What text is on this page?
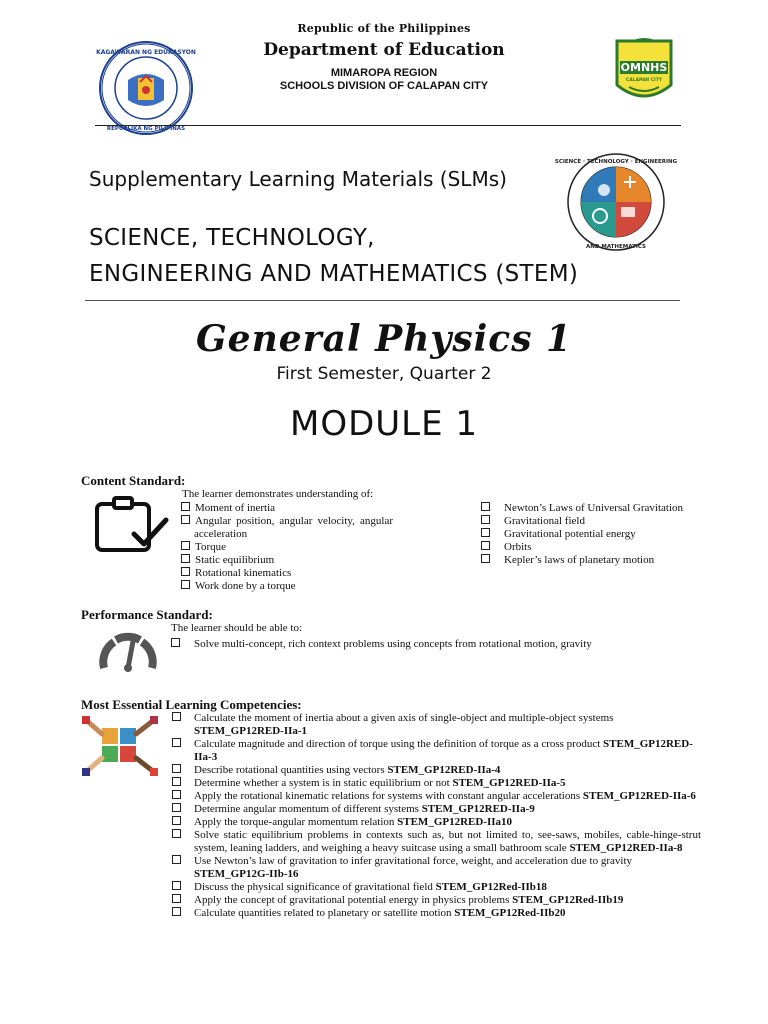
KAGAWARAN NG EDUKASYON
REPUBLIKA NG PILIPINAS
Republic of the Philippines
Department of Education
MIMAROPA REGION
SCHOOLS DIVISION OF CALAPAN CITY
OMNHS
CALAPAN CITY
Supplementary Learning Materials (SLMs)
SCIENCE · TECHNOLOGY · ENGINEERING
AND MATHEMATICS
SCIENCE, TECHNOLOGY,
ENGINEERING AND MATHEMATICS (STEM)
General Physics 1
First Semester, Quarter 2
MODULE 1
Content Standard:
The learner demonstrates understanding of:
Moment of inertia
Angular position, angular velocity, angular acceleration
Torque
Static equilibrium
Rotational kinematics
Work done by a torque
Newton’s Laws of Universal Gravitation
Gravitational field
Gravitational potential energy
Orbits
Kepler’s laws of planetary motion
Performance Standard:
The learner should be able to:
Solve multi-concept, rich context problems using concepts from rotational motion, gravity
Most Essential Learning Competencies:
Calculate the moment of inertia about a given axis of single-object and multiple-object systems STEM_GP12RED-IIa-1
Calculate magnitude and direction of torque using the definition of torque as a cross product STEM_GP12RED-IIa-3
Describe rotational quantities using vectors STEM_GP12RED-IIa-4
Determine whether a system is in static equilibrium or not STEM_GP12RED-IIa-5
Apply the rotational kinematic relations for systems with constant angular accelerations STEM_GP12RED-IIa-6
Determine angular momentum of different systems STEM_GP12RED-IIa-9
Apply the torque-angular momentum relation STEM_GP12RED-IIa10
Solve static equilibrium problems in contexts such as, but not limited to, see-saws, mobiles, cable-hinge-strut system, leaning ladders, and weighing a heavy suitcase using a small bathroom scale STEM_GP12RED-IIa-8
Use Newton’s law of gravitation to infer gravitational force, weight, and acceleration due to gravity STEM_GP12G-IIb-16
Discuss the physical significance of gravitational field STEM_GP12Red-IIb18
Apply the concept of gravitational potential energy in physics problems STEM_GP12Red-IIb19
Calculate quantities related to planetary or satellite motion STEM_GP12Red-IIb20
